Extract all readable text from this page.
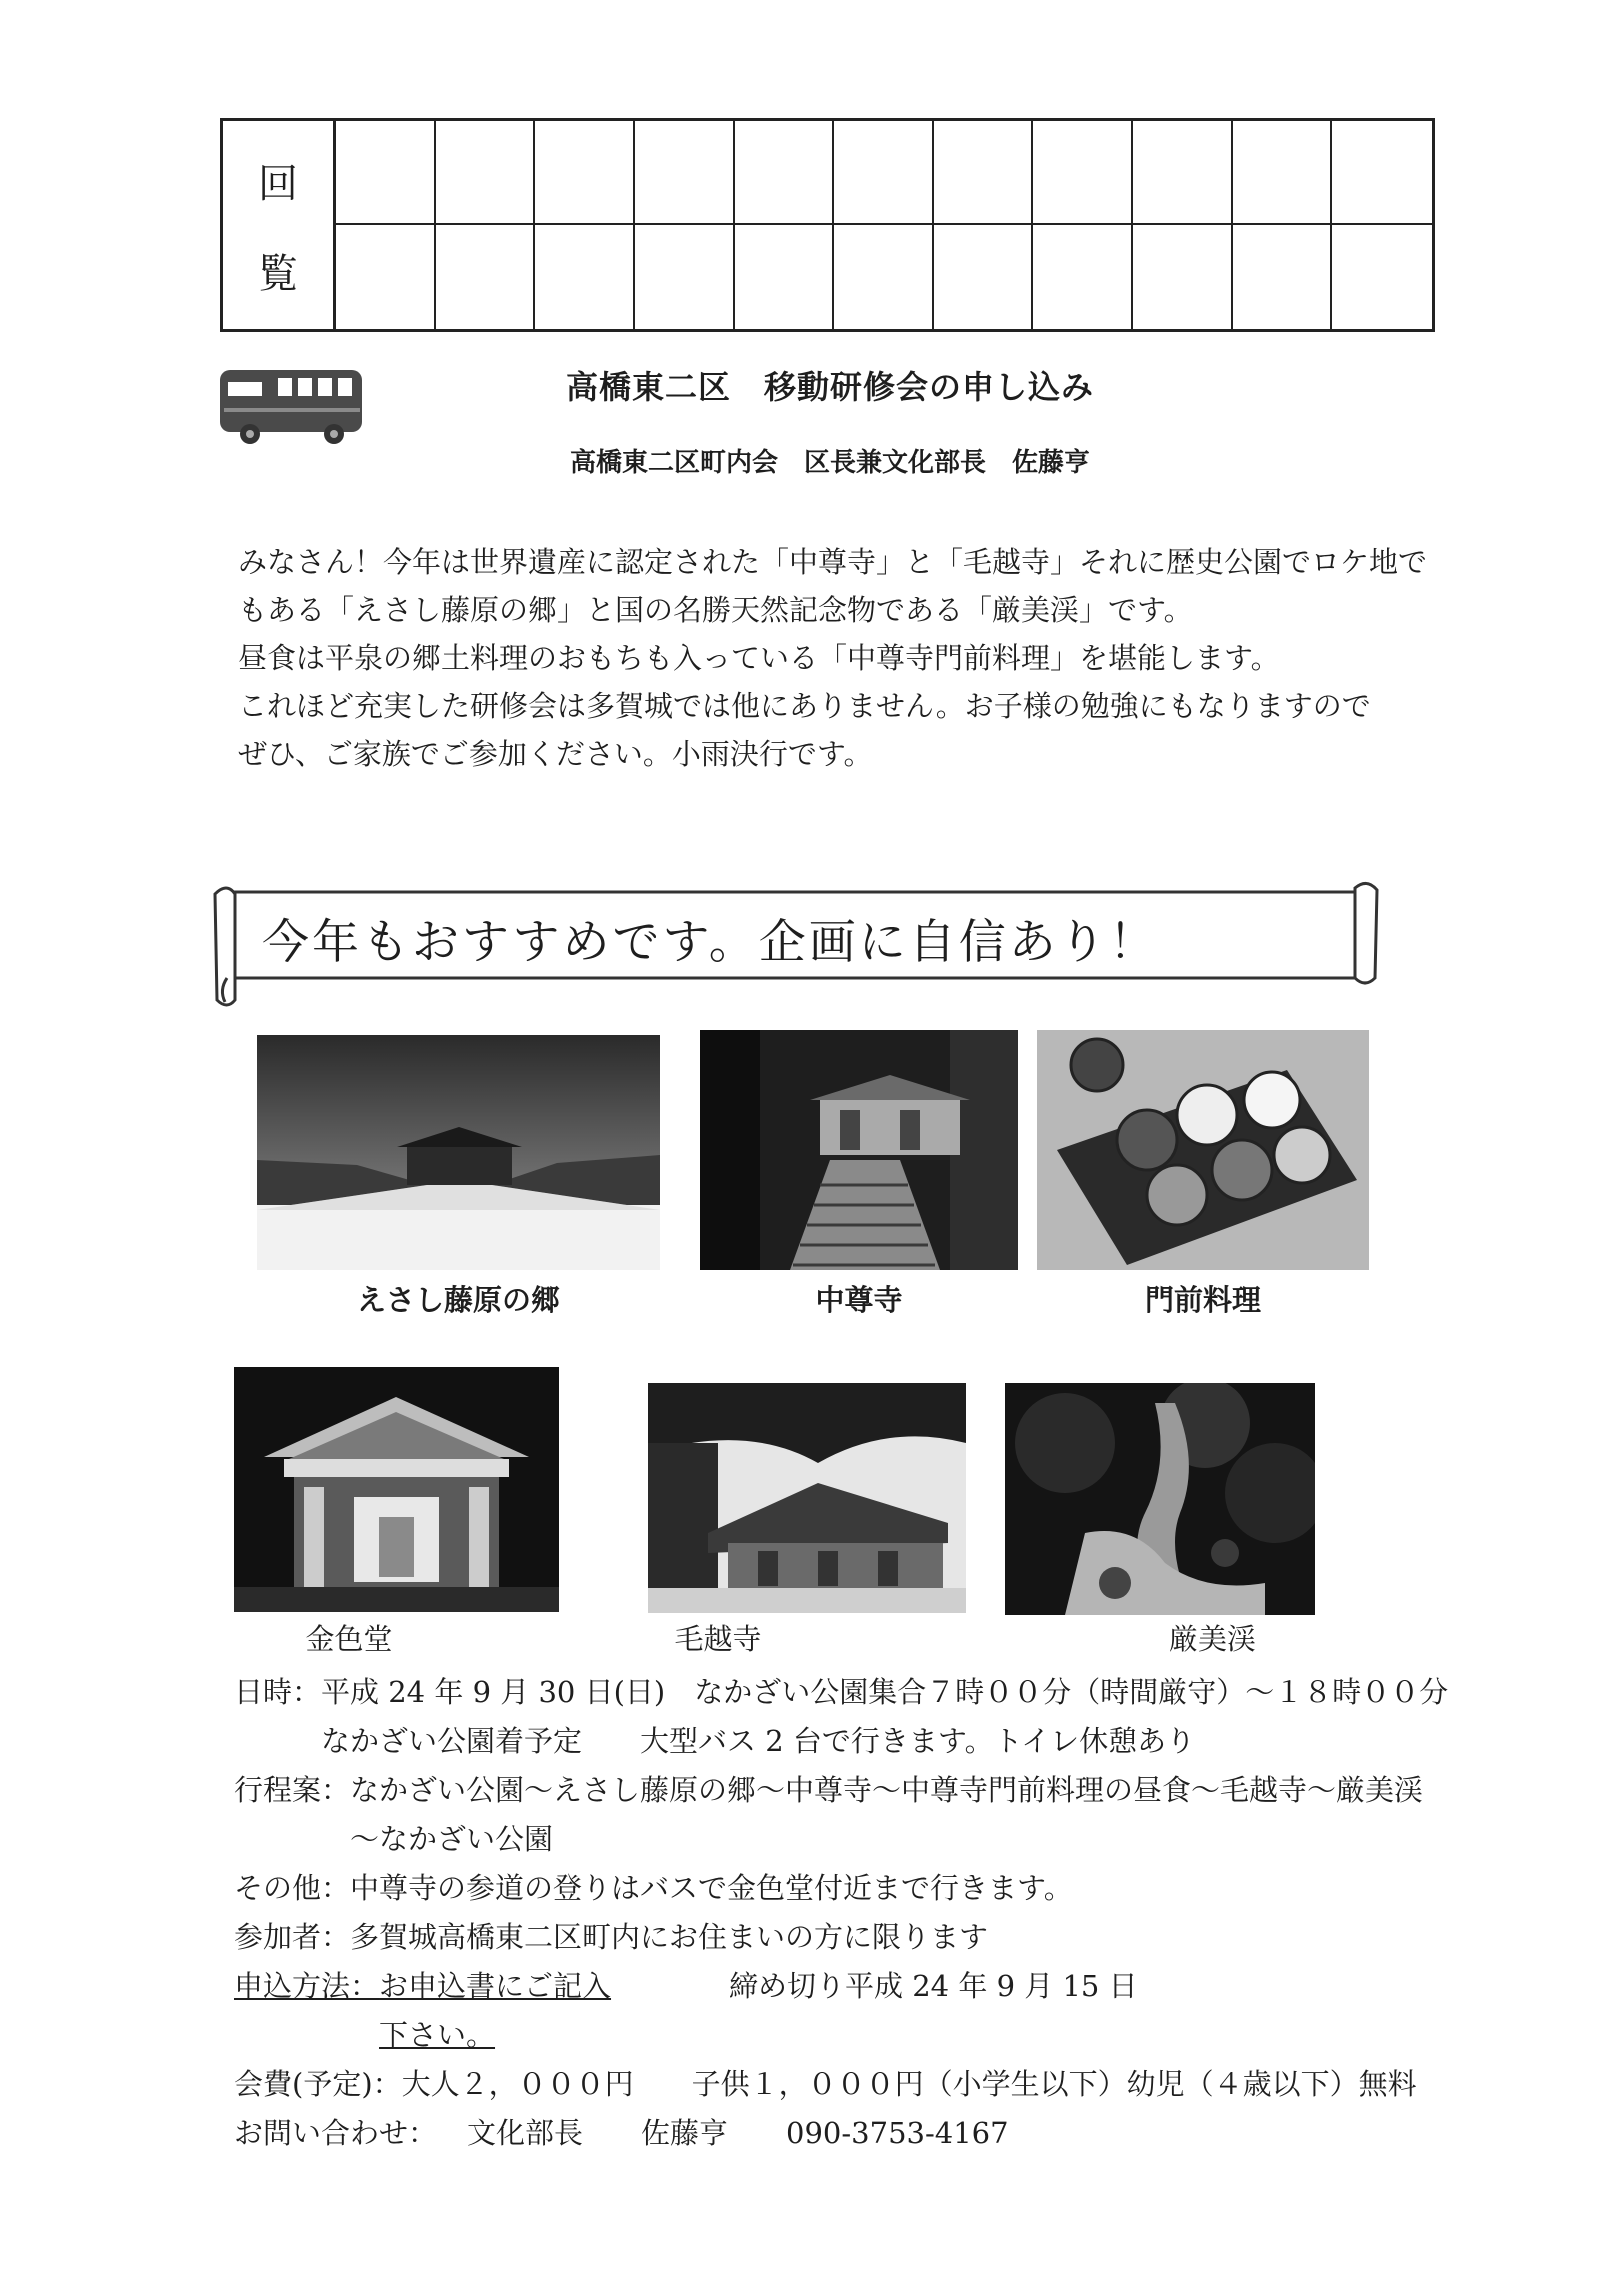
回
覧
高橋東二区　移動研修会の申し込み
高橋東二区町内会　区長兼文化部長　佐藤亨

みなさん！今年は世界遺産に認定された「中尊寺」と「毛越寺」それに歴史公園でロケ地でもある「えさし藤原の郷」と国の名勝天然記念物である「厳美渓」です。

昼食は平泉の郷土料理のおもちも入っている「中尊寺門前料理」を堪能します。

これほど充実した研修会は多賀城では他にありません。お子様の勉強にもなりますので

ぜひ、ご家族でご参加ください。小雨決行です。

今年もおすすめです。企画に自信あり！
えさし藤原の郷	中尊寺	門前料理
金色堂	毛越寺	厳美渓
日時： 平成 24 年 9 月 30 日(日)　なかざい公園集合７時００分（時間厳守）～１８時００分なかざい公園着予定　　大型バス 2 台で行きます。トイレ休憩あり
行程案： なかざい公園～えさし藤原の郷～中尊寺～中尊寺門前料理の昼食～毛越寺～厳美渓～なかざい公園
その他： 中尊寺の参道の登りはバスで金色堂付近まで行きます。
参加者： 多賀城高橋東二区町内にお住まいの方に限ります
申込方法： お申込書にご記入下さい。
締め切り平成 24 年 9 月 15 日
会費(予定)： 大人２，０００円　　子供１，０００円（小学生以下）幼児（４歳以下）無料
お問い合わせ：	文化部長　　佐藤亨　　090-3753-4167
